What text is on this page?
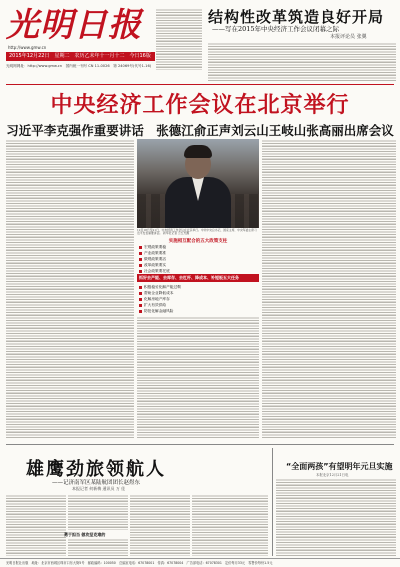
光明日报
http://www.gmw.cn
2015年12月22日　星期二　农历乙未年十一月十二　今日16版
光明网网址：http://www.gmw.cn　国内统一刊号 CN 11-0026　第 24069号(代号1-16)
结构性改革筑造良好开局
——写在2015年中央经济工作会议闭幕之际
本报评论员 张翼
中央经济工作会议在北京举行
习近平李克强作重要讲话　张德江俞正声刘云山王岐山张高丽出席会议
12月18日至21日，中央经济工作会议在北京举行。中共中央总书记、国家主席、中央军委主席习近平发表重要讲话。 新华社记者 兰红光摄
实施相互配合的五大政策支柱
宏观政策要稳
产业政策要准
微观政策要活
改革政策要实
社会政策要托底
抓好去产能、去库存、去杠杆、降成本、补短板五大任务
积极稳妥化解产能过剩
帮助企业降低成本
化解房地产库存
扩大有效供给
防范化解金融风险
雄鹰劲旅领航人
——记济南军区某陆航团团长赵煜东
本报记者 何新梅 通讯员 万 佳
勇于担当 做攻坚克难的
“全面两孩”有望明年元旦实施
本报北京12月21日电
光明日报社出版　地址：北京市西城区珠市口东大街5号　邮政编码：100050　总编室电话：67078001　传真：67078004　广告部电话：67078301　定价每月33元　零售价每份1.5元
